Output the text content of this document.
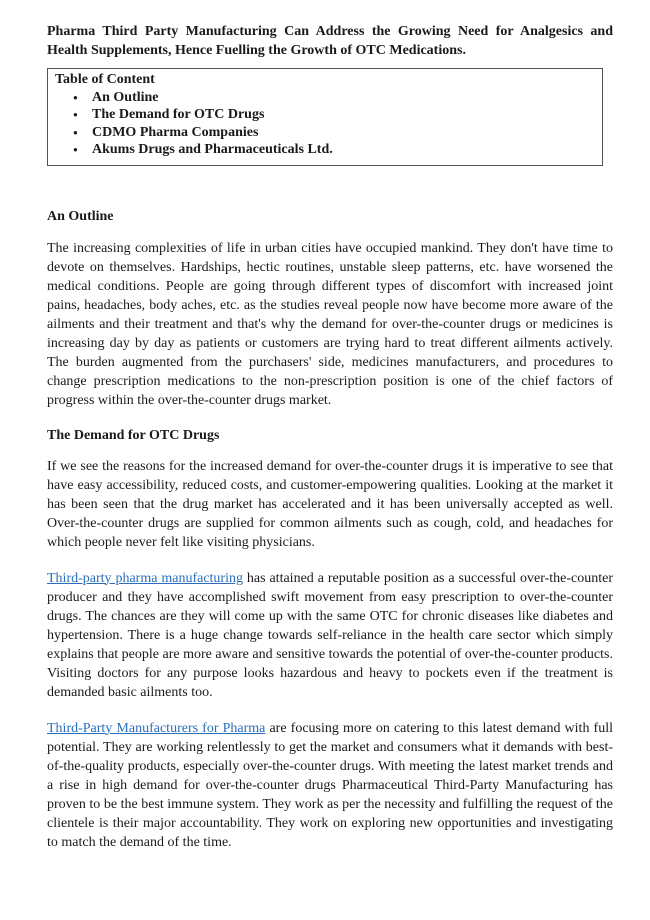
Pharma Third Party Manufacturing Can Address the Growing Need for Analgesics and Health Supplements, Hence Fuelling the Growth of OTC Medications.

Table of Content
● An Outline
● The Demand for OTC Drugs
● CDMO Pharma Companies
● Akums Drugs and Pharmaceuticals Ltd.
An Outline

The increasing complexities of life in urban cities have occupied mankind. They don't have time to devote on themselves. Hardships, hectic routines, unstable sleep patterns, etc. have worsened the medical conditions. People are going through different types of discomfort with increased joint pains, headaches, body aches, etc. as the studies reveal people now have become more aware of the ailments and their treatment and that's why the demand for over-the-counter drugs or medicines is increasing day by day as patients or customers are trying hard to treat different ailments actively. The burden augmented from the purchasers' side, medicines manufacturers, and procedures to change prescription medications to the non-prescription position is one of the chief factors of progress within the over-the-counter drugs market.

The Demand for OTC Drugs

If we see the reasons for the increased demand for over-the-counter drugs it is imperative to see that have easy accessibility, reduced costs, and customer-empowering qualities. Looking at the market it has been seen that the drug market has accelerated and it has been universally accepted as well. Over-the-counter drugs are supplied for common ailments such as cough, cold, and headaches for which people never felt like visiting physicians.

Third-party pharma manufacturing has attained a reputable position as a successful over-the-counter producer and they have accomplished swift movement from easy prescription to over-the-counter drugs. The chances are they will come up with the same OTC for chronic diseases like diabetes and hypertension. There is a huge change towards self-reliance in the health care sector which simply explains that people are more aware and sensitive towards the potential of over-the-counter products. Visiting doctors for any purpose looks hazardous and heavy to pockets even if the treatment is demanded basic ailments too.

Third-Party Manufacturers for Pharma are focusing more on catering to this latest demand with full potential. They are working relentlessly to get the market and consumers what it demands with best-of-the-quality products, especially over-the-counter drugs. With meeting the latest market trends and a rise in high demand for over-the-counter drugs Pharmaceutical Third-Party Manufacturing has proven to be the best immune system. They work as per the necessity and fulfilling the request of the clientele is their major accountability. They work on exploring new opportunities and investigating to match the demand of the time.
